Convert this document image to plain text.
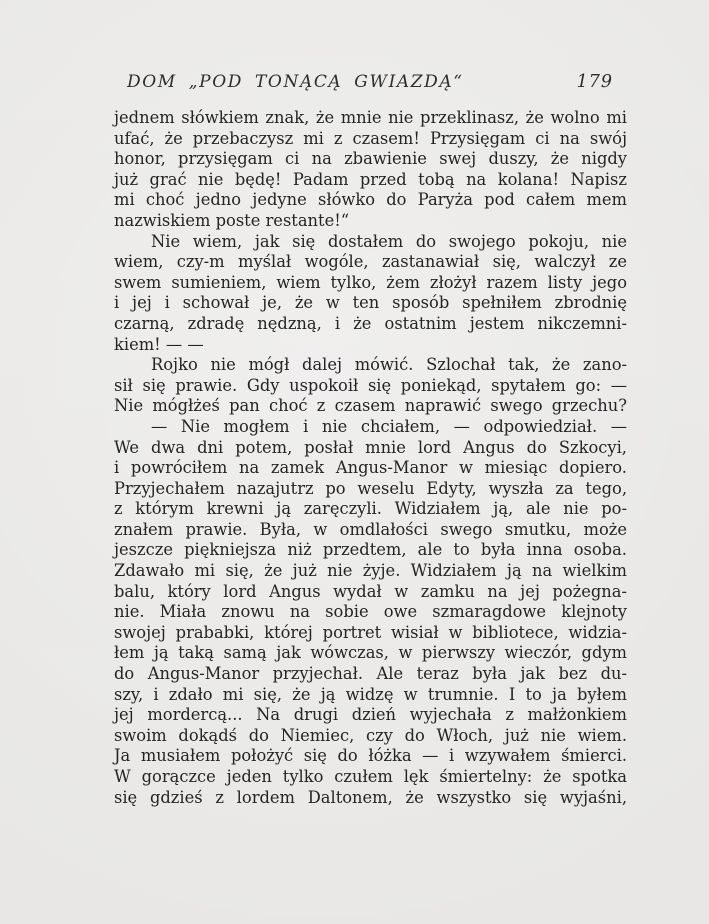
DOM „POD TONĄCĄ GWIAZDĄ“	179
jednem słówkiem znak, że mnie nie przeklinasz, że wolno mi
ufać, że przebaczysz mi z czasem! Przysięgam ci na swój
honor, przysięgam ci na zbawienie swej duszy, że nigdy
już grać nie będę! Padam przed tobą na kolana! Napisz
mi choć jedno jedyne słówko do Paryża pod całem mem
nazwiskiem poste restante!“
Nie wiem, jak się dostałem do swojego pokoju, nie
wiem, czy-m myślał wogóle, zastanawiał się, walczył ze
swem sumieniem, wiem tylko, żem złożył razem listy jego
i jej i schował je, że w ten sposób spełniłem zbrodnię
czarną, zdradę nędzną, i że ostatnim jestem nikczemni-
kiem! — —
Rojko nie mógł dalej mówić. Szlochał tak, że zano-
sił się prawie. Gdy uspokoił się poniekąd, spytałem go: —
Nie mógłżeś pan choć z czasem naprawić swego grzechu?
— Nie mogłem i nie chciałem, — odpowiedział. —
We dwa dni potem, posłał mnie lord Angus do Szkocyi,
i powróciłem na zamek Angus-Manor w miesiąc dopiero.
Przyjechałem nazajutrz po weselu Edyty, wyszła za tego,
z którym krewni ją zaręczyli. Widziałem ją, ale nie po-
znałem prawie. Była, w omdlałości swego smutku, może
jeszcze piękniejsza niż przedtem, ale to była inna osoba.
Zdawało mi się, że już nie żyje. Widziałem ją na wielkim
balu, który lord Angus wydał w zamku na jej pożegna-
nie. Miała znowu na sobie owe szmaragdowe klejnoty
swojej prababki, której portret wisiał w bibliotece, widzia-
łem ją taką samą jak wówczas, w pierwszy wieczór, gdym
do Angus-Manor przyjechał. Ale teraz była jak bez du-
szy, i zdało mi się, że ją widzę w trumnie. I to ja byłem
jej mordercą... Na drugi dzień wyjechała z małżonkiem
swoim dokądś do Niemiec, czy do Włoch, już nie wiem.
Ja musiałem położyć się do łóżka — i wzywałem śmierci.
W gorączce jeden tylko czułem lęk śmiertelny: że spotka
się gdzieś z lordem Daltonem, że wszystko się wyjaśni,
